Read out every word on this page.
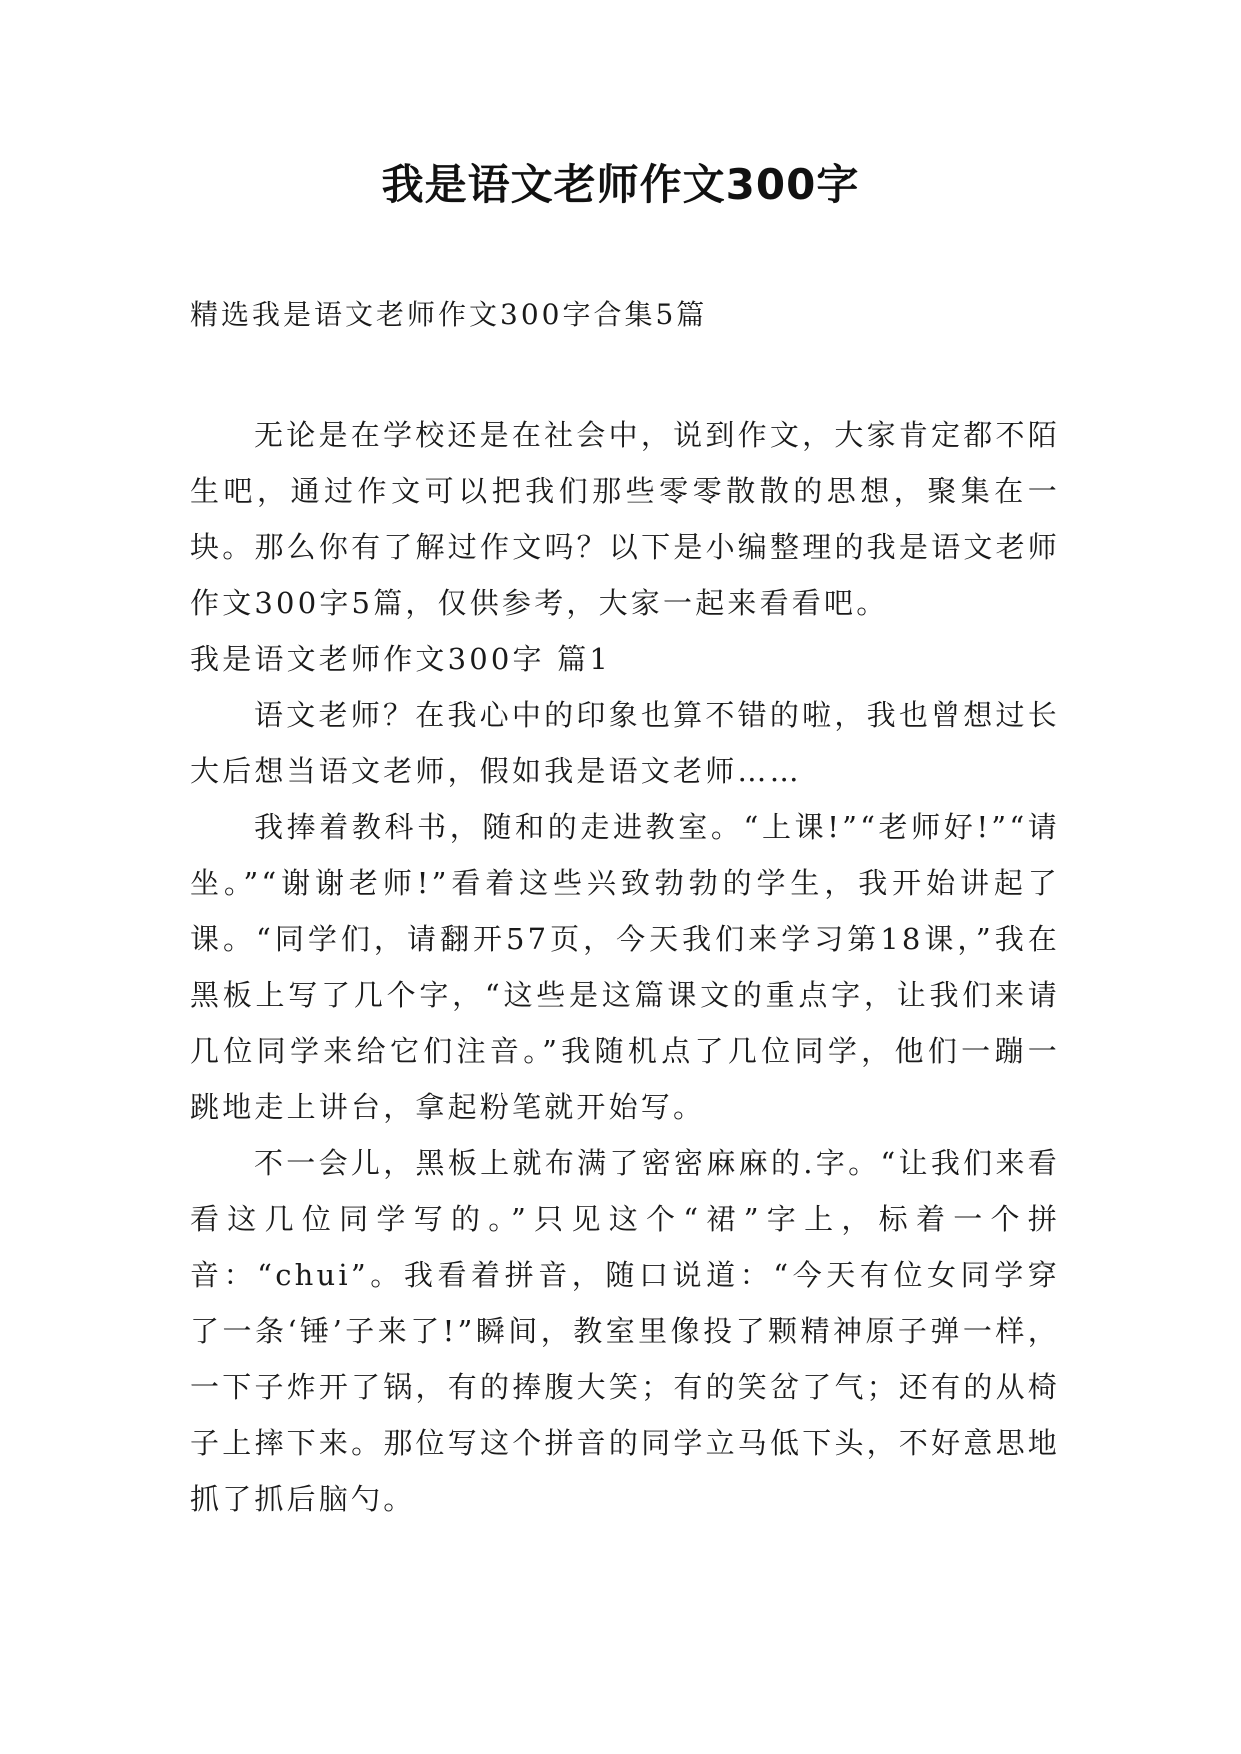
我是语文老师作文300字
精选我是语文老师作文300字合集5篇

无论是在学校还是在社会中，说到作文，大家肯定都不陌生吧，通过作文可以把我们那些零零散散的思想，聚集在一块。那么你有了解过作文吗？以下是小编整理的我是语文老师作文300字5篇，仅供参考，大家一起来看看吧。

我是语文老师作文300字 篇1

语文老师？在我心中的印象也算不错的啦，我也曾想过长大后想当语文老师，假如我是语文老师……

我捧着教科书，随和的走进教室。“上课!”“老师好!”“请坐。”“谢谢老师!”看着这些兴致勃勃的学生，我开始讲起了课。“同学们，请翻开57页，今天我们来学习第18课，”我在黑板上写了几个字，“这些是这篇课文的重点字，让我们来请几位同学来给它们注音。”我随机点了几位同学，他们一蹦一跳地走上讲台，拿起粉笔就开始写。

不一会儿，黑板上就布满了密密麻麻的.字。“让我们来看看这几位同学写的。”只见这个“裙”字上，标着一个拼音：“chui”。我看着拼音，随口说道：“今天有位女同学穿了一条‘锤’子来了!”瞬间，教室里像投了颗精神原子弹一样，一下子炸开了锅，有的捧腹大笑；有的笑岔了气；还有的从椅子上摔下来。那位写这个拼音的同学立马低下头，不好意思地抓了抓后脑勺。
